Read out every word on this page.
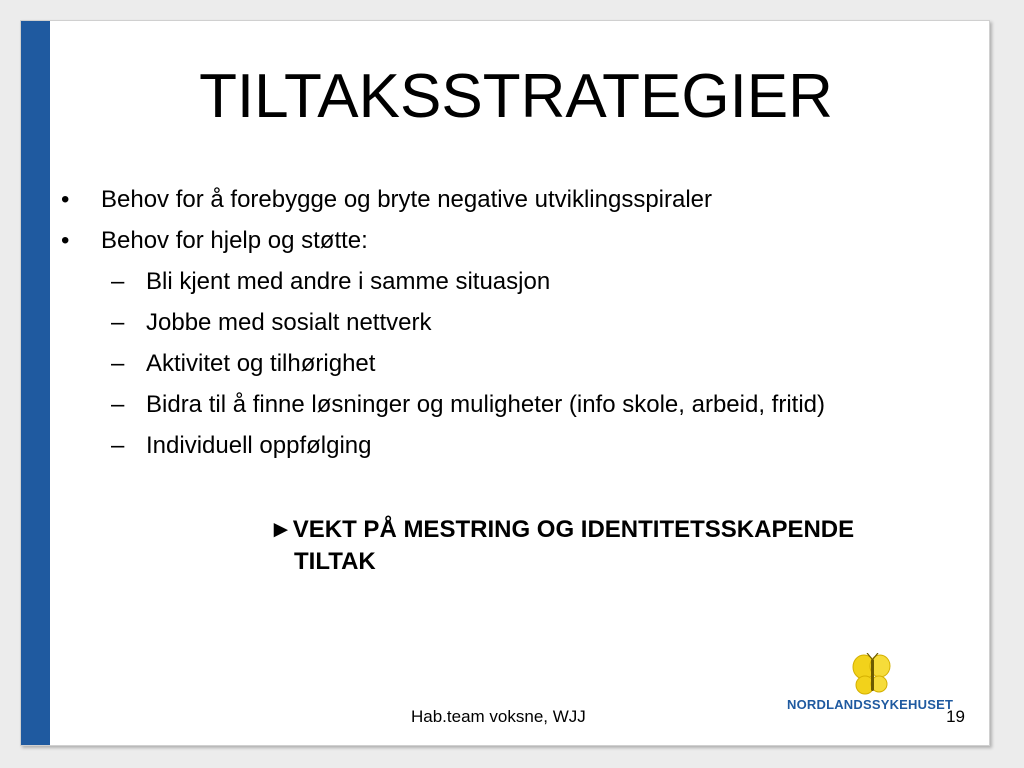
TILTAKSSTRATEGIER
•	Behov for å forebygge og bryte negative utviklingsspiraler
•	Behov for hjelp og støtte:
– Bli kjent med andre i samme situasjon
– Jobbe med sosialt nettverk
– Aktivitet og tilhørighet
– Bidra til å finne løsninger og muligheter (info skole, arbeid, fritid)
– Individuell oppfølging
►VEKT PÅ MESTRING OG IDENTITETSSKAPENDE
TILTAK
NORDLANDSSYKEHUSET
Hab.team voksne, WJJ	19
